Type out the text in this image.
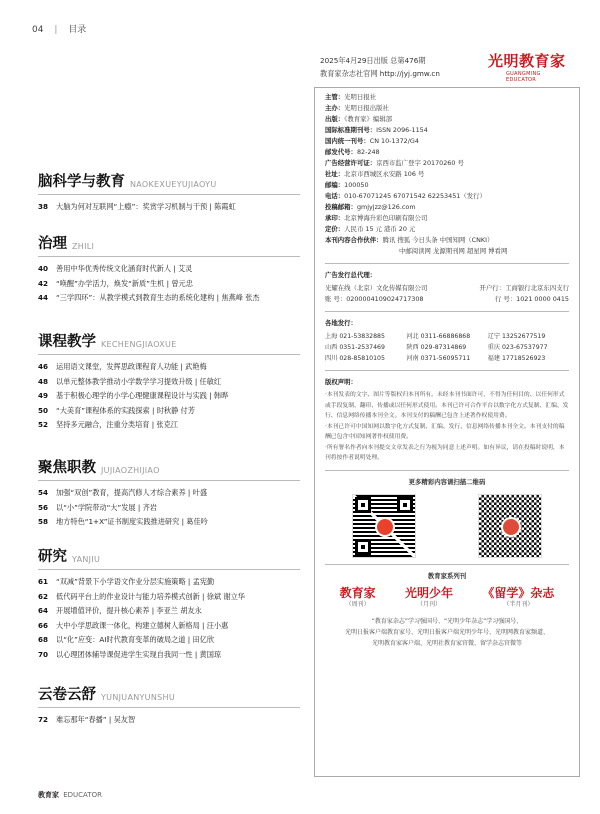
04 | 目录
2025年4月29日出版 总第476期
教育家杂志社官网 http://jyj.gmw.cn
光明教育家
GUANGMING EDUCATOR
脑科学与教育 NAOKEXUEYUJIAOYU
38	大脑为何对互联网“上瘾”：奖赏学习机制与干预 | 陈霞虹
治理 ZHILI
40	善用中华优秀传统文化涵育时代新人 | 艾灵
42	“唤醒”办学活力，焕发“新质”生机 | 曾元忠
44	“三学四环”：从教学模式到教育生态的系统化建构 | 焦燕峰 张杰
课程教学 KECHENGJIAOXUE
46	运用语文课堂，发挥思政课程育人功能 | 武艳梅
48	以单元整体教学推动小学数学学习提效升级 | 任敏红
49	基于积极心理学的小学心理健康课程设计与实践 | 韩晔
50	“大美育”课程体系的实践探索 | 时秋静 付芳
52	坚持多元融合，注重分类培育 | 张克江
聚焦职教 JUJIAOZHIJIAO
54	加强“双创”教育，提高汽修人才综合素养 | 叶盛
56	以“小”学院带动“大”发展 | 齐岩
58	地方特色“1+X”证书制度实践推进研究 | 葛佳吟
研究 YANJIU
61	“双减”背景下小学语文作业分层实施策略 | 孟宪勤
62	低代码平台上的作业设计与能力培养模式创新 | 徐斌 谢立华
64	开展增值评价，提升核心素养 | 李亚兰 胡友永
66	大中小学思政课一体化，构建立德树人新格局 | 汪小惠
68	以“化”应变：AI时代教育变革的破局之道 | 田亿欣
70	以心理团体辅导课促进学生实现自我同一性 | 黄国琼
云卷云舒 YUNJUANYUNSHU
72	难忘那年“春播” | 吴友智
主管：光明日报社
主办：光明日报出版社
出版：《教育家》编辑部
国际标准期刊号：ISSN 2096-1154
国内统一刊号：CN 10-1372/G4
邮发代号：82-248
广告经营许可证：京西市监广登字 20170260 号
社址：北京市西城区永安路 106 号
邮编：100050
电话：010-67071245 67071542 62253451（发行）
投稿邮箱：gmjyjzz@126.com
承印：北京博海升彩色印刷有限公司
定价：人民币 15 元 港币 20 元
本刊内容合作伙伴：腾讯 搜狐 今日头条 中国知网（CNKI）
中邮阅读网 龙源期刊网 超星网 博看网
广告发行总代理：
光耀在线（北京）文化传媒有限公司	开户行：工商银行北京东四支行
账 号：0200004109024717308	行 号：1021 0000 0415
各地发行：
上海 021-53832885	河北 0311-66886868	辽宁 13252677519
山西 0351-2537469	陕西 029-87314869	重庆 023-67537977
四川 028-85810105	河南 0371-56095711	福建 17718526923
版权声明：

·本刊发表的文字、图片等版权归本刊所有。未经本刊书面许可，不得为任何目的、以任何形式或手段复制、翻印、传播或以任何形式使用。本刊已许可合作平台以数字化方式复制、汇编、发行、信息网络传播本刊全文。本刊支付的稿酬已包含上述著作权使用费。

·本刊已许可中国知网以数字化方式复制、汇编、发行、信息网络传播本刊全文。本刊支付的稿酬已包含中国知网著作权使用费。

·所有署名作者向本刊提交文章发表之行为视为同意上述声明。如有异议，请在投稿时说明，本刊将按作者说明处理。

更多精彩内容请扫描二维码
教育家系列刊
教育家
（周刊）
光明少年
（月刊）
《留学》杂志
（半月刊）
“教育家杂志”学习强国号、“光明少年杂志”学习强国号、
光明日报客户端教育家号、光明日报客户端光明少年号、光明网教育家频道、
光明教育家客户端、光明社教育家官微、留学杂志官微等
教育家 EDUCATOR
